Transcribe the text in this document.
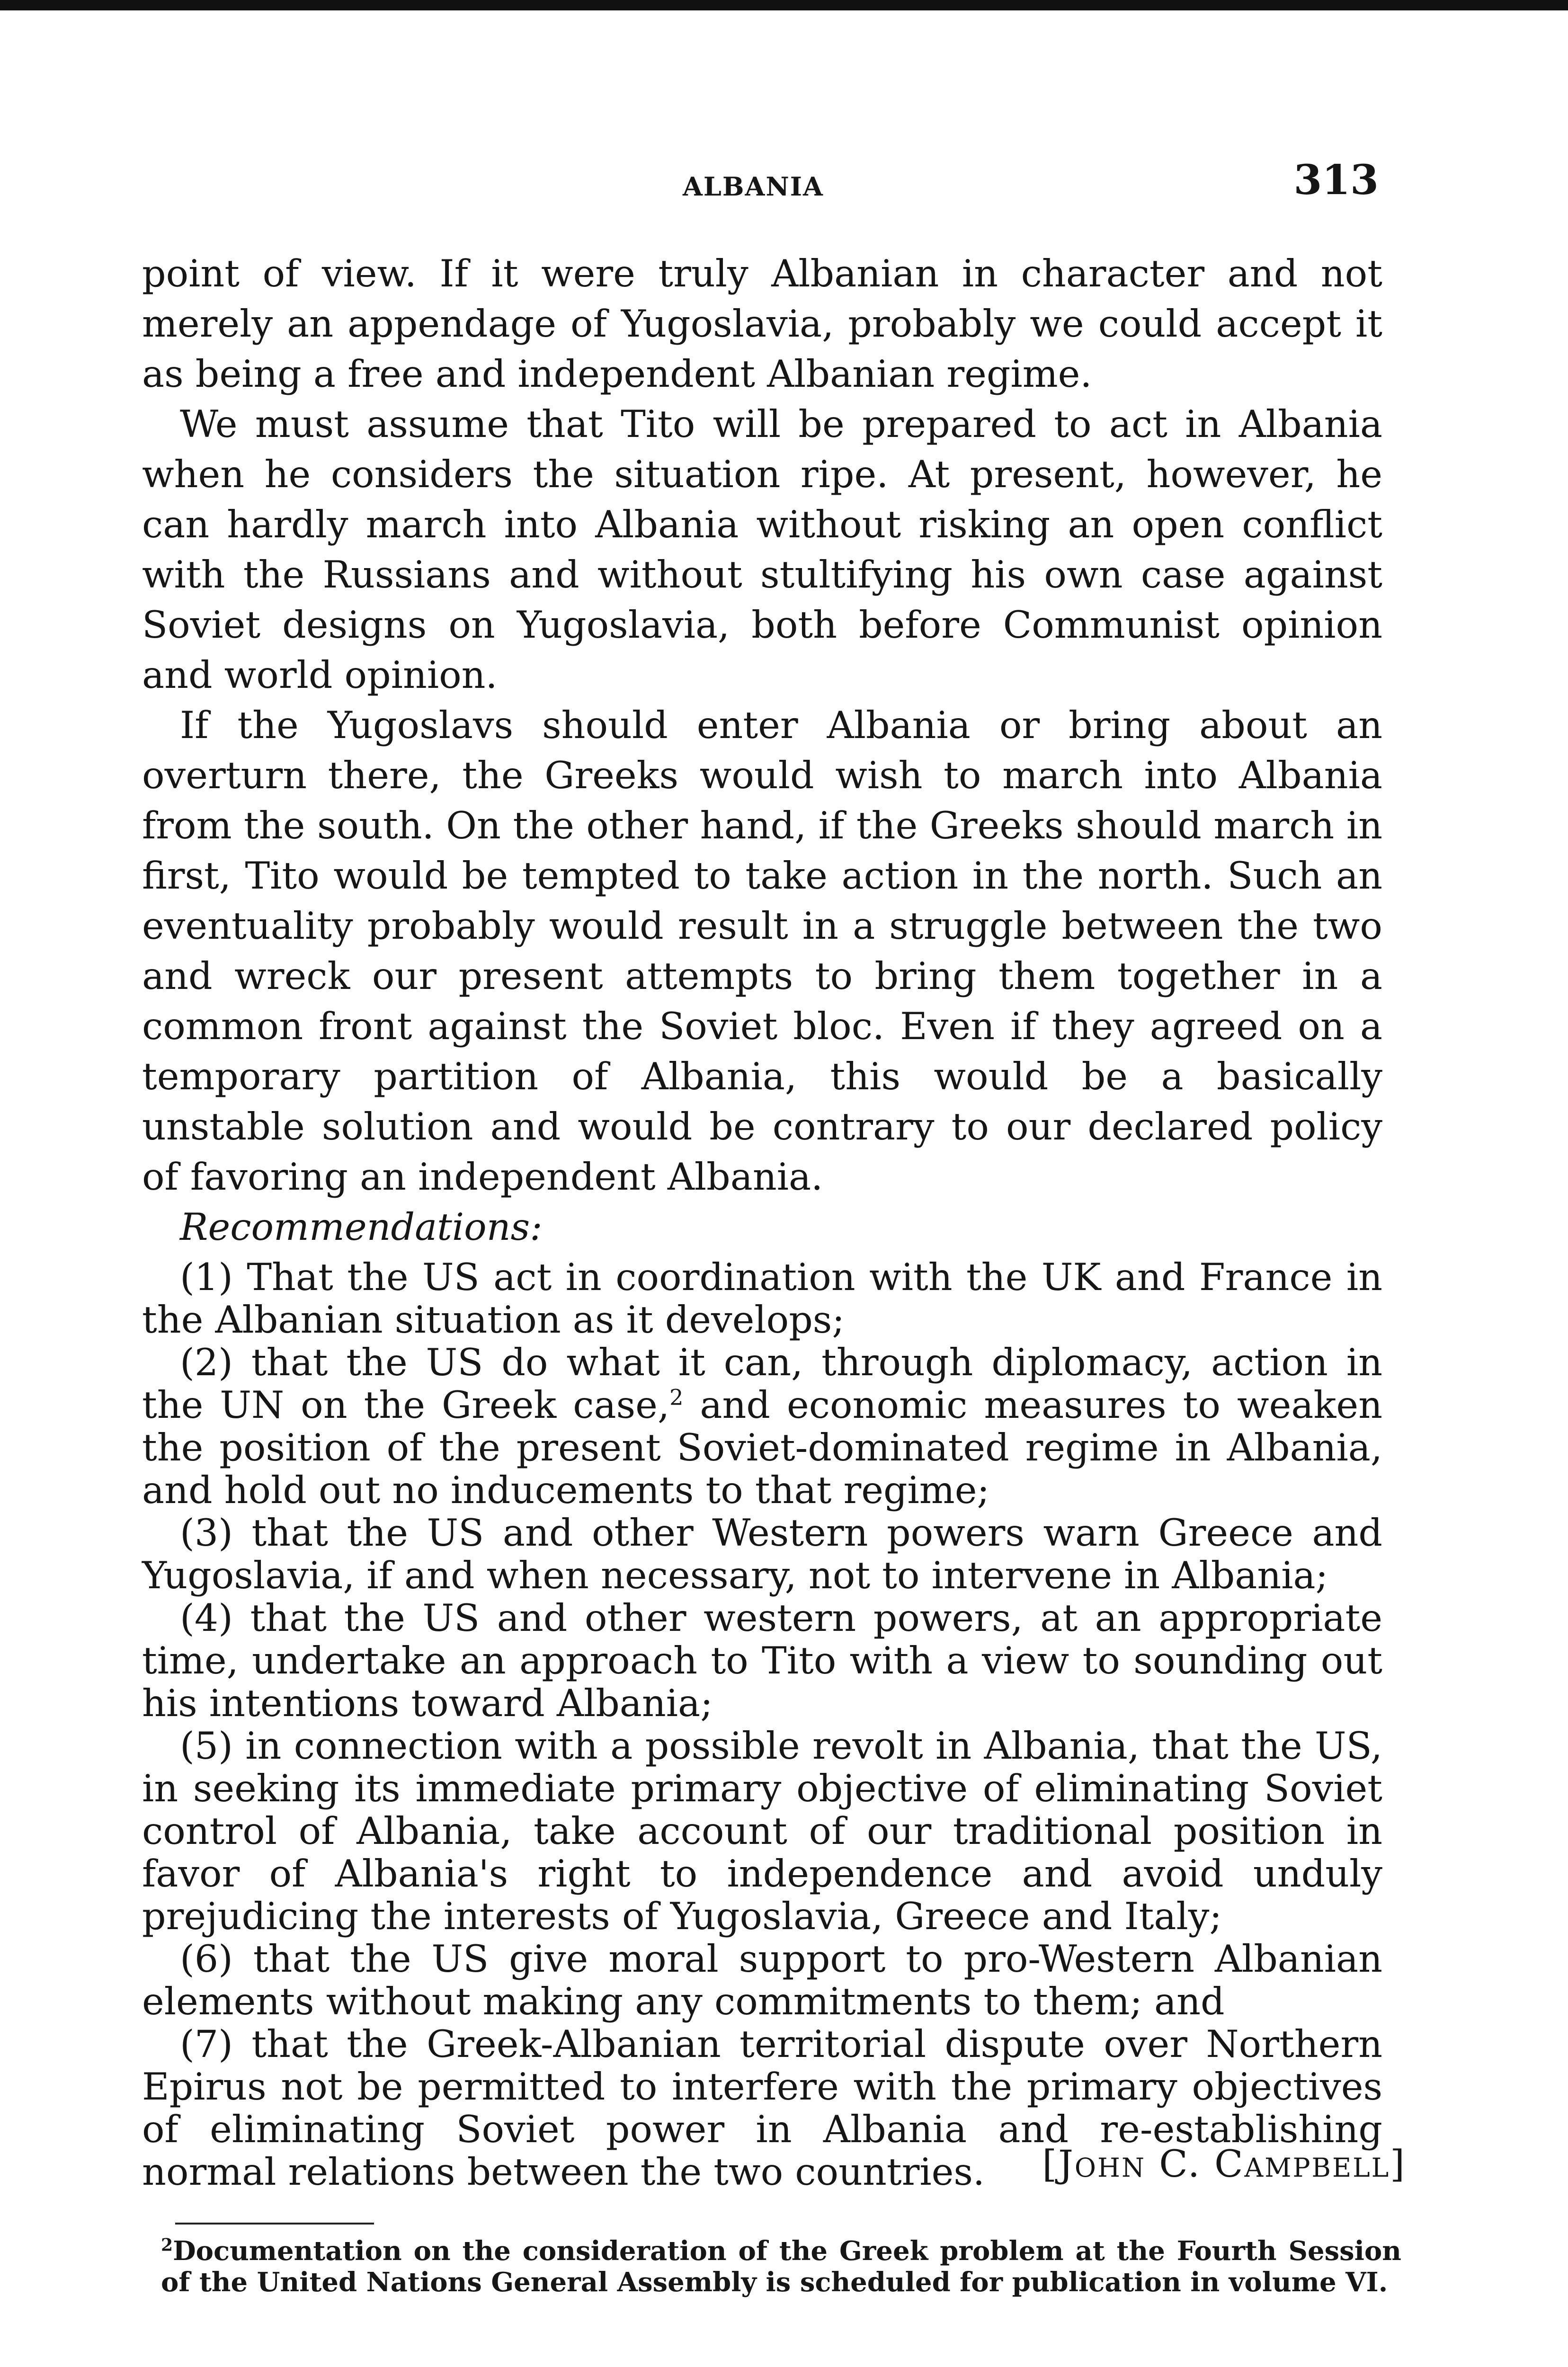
ALBANIA	313

point of view. If it were truly Albanian in character and not merely an appendage of Yugoslavia, probably we could accept it as being a free and independent Albanian regime.

We must assume that Tito will be prepared to act in Albania when he considers the situation ripe. At present, however, he can hardly march into Albania without risking an open conflict with the Russians and without stultifying his own case against Soviet designs on Yugoslavia, both before Communist opinion and world opinion.

If the Yugoslavs should enter Albania or bring about an overturn there, the Greeks would wish to march into Albania from the south. On the other hand, if the Greeks should march in first, Tito would be tempted to take action in the north. Such an eventuality probably would result in a struggle between the two and wreck our present attempts to bring them together in a common front against the Soviet bloc. Even if they agreed on a temporary partition of Albania, this would be a basically unstable solution and would be contrary to our declared policy of favoring an independent Albania.

Recommendations:

(1) That the US act in coordination with the UK and France in the Albanian situation as it develops;

(2) that the US do what it can, through diplomacy, action in the UN on the Greek case,$^2$ and economic measures to weaken the position of the present Soviet-dominated regime in Albania, and hold out no inducements to that regime;

(3) that the US and other Western powers warn Greece and Yugoslavia, if and when necessary, not to intervene in Albania;

(4) that the US and other western powers, at an appropriate time, undertake an approach to Tito with a view to sounding out his intentions toward Albania;

(5) in connection with a possible revolt in Albania, that the US, in seeking its immediate primary objective of eliminating Soviet control of Albania, take account of our traditional position in favor of Albania's right to independence and avoid unduly prejudicing the interests of Yugoslavia, Greece and Italy;

(6) that the US give moral support to pro-Western Albanian elements without making any commitments to them; and

(7) that the Greek-Albanian territorial dispute over Northern Epirus not be permitted to interfere with the primary objectives of eliminating Soviet power in Albania and re-establishing normal relations between the two countries.	[John C. Campbell]
$^2$Documentation on the consideration of the Greek problem at the Fourth Session of the United Nations General Assembly is scheduled for publication in volume VI.
